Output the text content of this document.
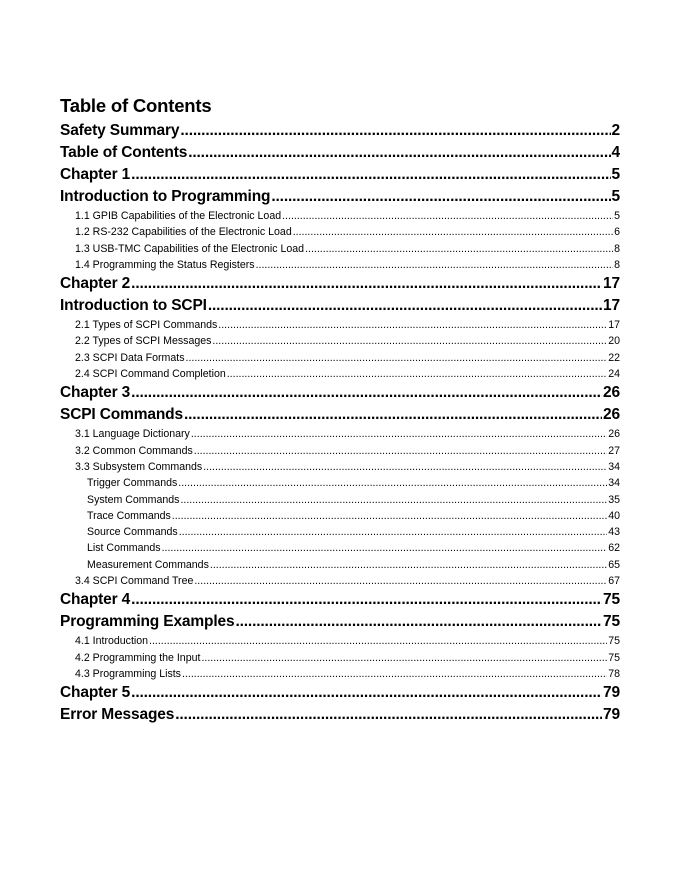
Table of Contents
Safety Summary .....	2
Table of Contents .....	4
Chapter 1 .....	5
Introduction to Programming .....	5
1.1 GPIB Capabilities of the Electronic Load .....	5
1.2 RS-232 Capabilities of the Electronic Load .....	6
1.3 USB-TMC Capabilities of the Electronic Load .....	8
1.4 Programming the Status Registers .....	8
Chapter 2 .....	17
Introduction to SCPI .....	17
2.1 Types of SCPI Commands .....	17
2.2 Types of SCPI Messages .....	20
2.3 SCPI Data Formats .....	22
2.4 SCPI Command Completion .....	24
Chapter 3 .....	26
SCPI Commands .....	26
3.1 Language Dictionary .....	26
3.2 Common Commands .....	27
3.3 Subsystem Commands .....	34
Trigger Commands .....	34
System Commands .....	35
Trace Commands .....	40
Source Commands .....	43
List Commands .....	62
Measurement Commands .....	65
3.4 SCPI Command Tree .....	67
Chapter 4 .....	75
Programming Examples .....	75
4.1 Introduction .....	75
4.2 Programming the Input .....	75
4.3 Programming Lists .....	78
Chapter 5 .....	79
Error Messages .....	79
